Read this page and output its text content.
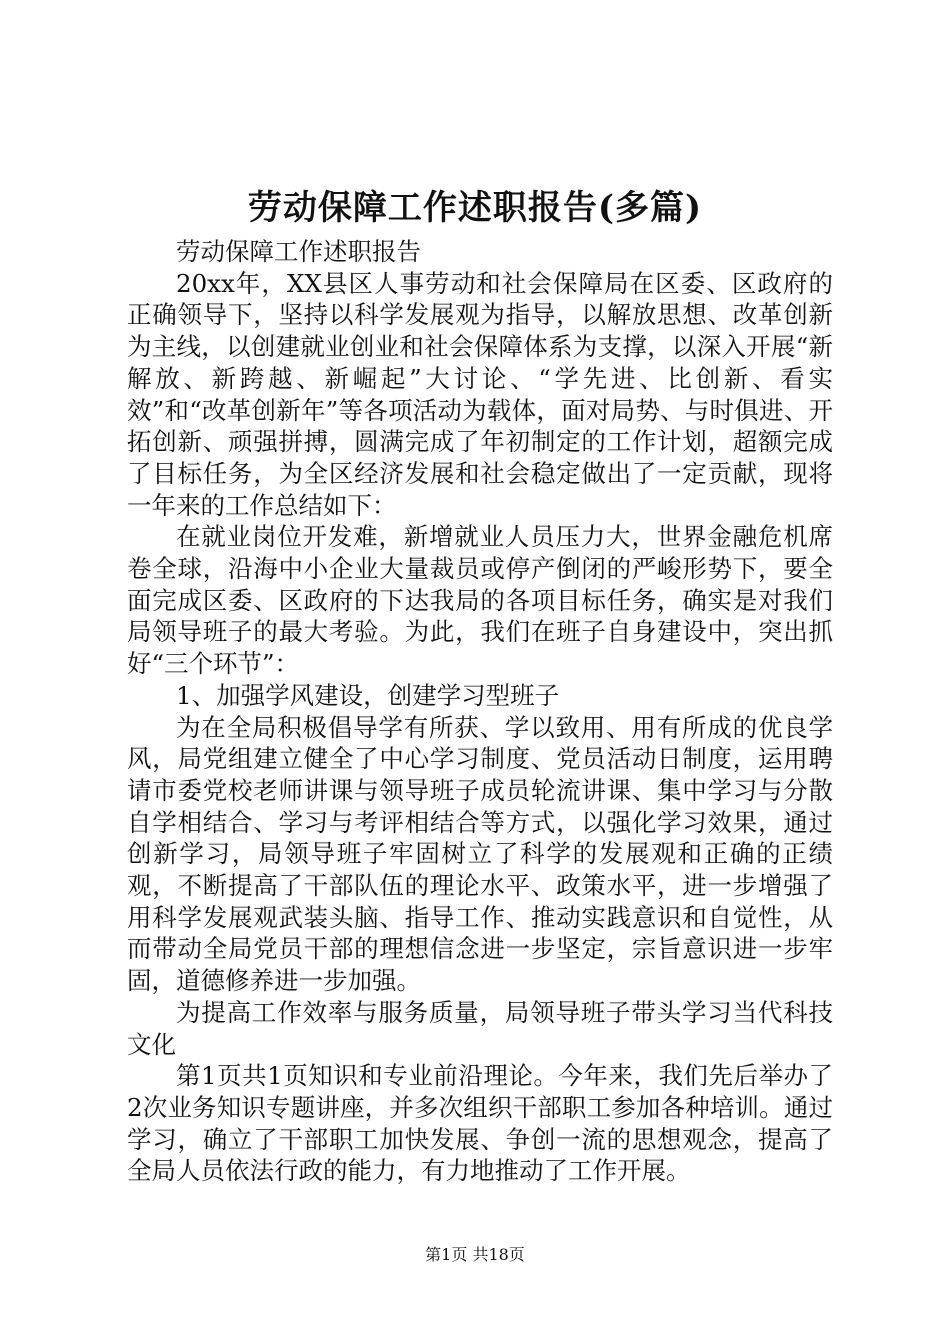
劳动保障工作述职报告(多篇)

劳动保障工作述职报告

20xx年，XX县区人事劳动和社会保障局在区委、区政府的正确领导下，坚持以科学发展观为指导，以解放思想、改革创新为主线，以创建就业创业和社会保障体系为支撑，以深入开展“新解放、新跨越、新崛起”大讨论、“学先进、比创新、看实效”和“改革创新年”等各项活动为载体，面对局势、与时俱进、开拓创新、顽强拼搏，圆满完成了年初制定的工作计划，超额完成了目标任务，为全区经济发展和社会稳定做出了一定贡献，现将一年来的工作总结如下：

在就业岗位开发难，新增就业人员压力大，世界金融危机席卷全球，沿海中小企业大量裁员或停产倒闭的严峻形势下，要全面完成区委、区政府的下达我局的各项目标任务，确实是对我们局领导班子的最大考验。为此，我们在班子自身建设中，突出抓好“三个环节”：

1、加强学风建设，创建学习型班子

为在全局积极倡导学有所获、学以致用、用有所成的优良学风，局党组建立健全了中心学习制度、党员活动日制度，运用聘请市委党校老师讲课与领导班子成员轮流讲课、集中学习与分散自学相结合、学习与考评相结合等方式，以强化学习效果，通过创新学习，局领导班子牢固树立了科学的发展观和正确的正绩观，不断提高了干部队伍的理论水平、政策水平，进一步增强了用科学发展观武装头脑、指导工作、推动实践意识和自觉性，从而带动全局党员干部的理想信念进一步坚定，宗旨意识进一步牢固，道德修养进一步加强。

为提高工作效率与服务质量，局领导班子带头学习当代科技文化

第1页共1页知识和专业前沿理论。今年来，我们先后举办了2次业务知识专题讲座，并多次组织干部职工参加各种培训。通过学习，确立了干部职工加快发展、争创一流的思想观念，提高了全局人员依法行政的能力，有力地推动了工作开展。

第1页 共18页
